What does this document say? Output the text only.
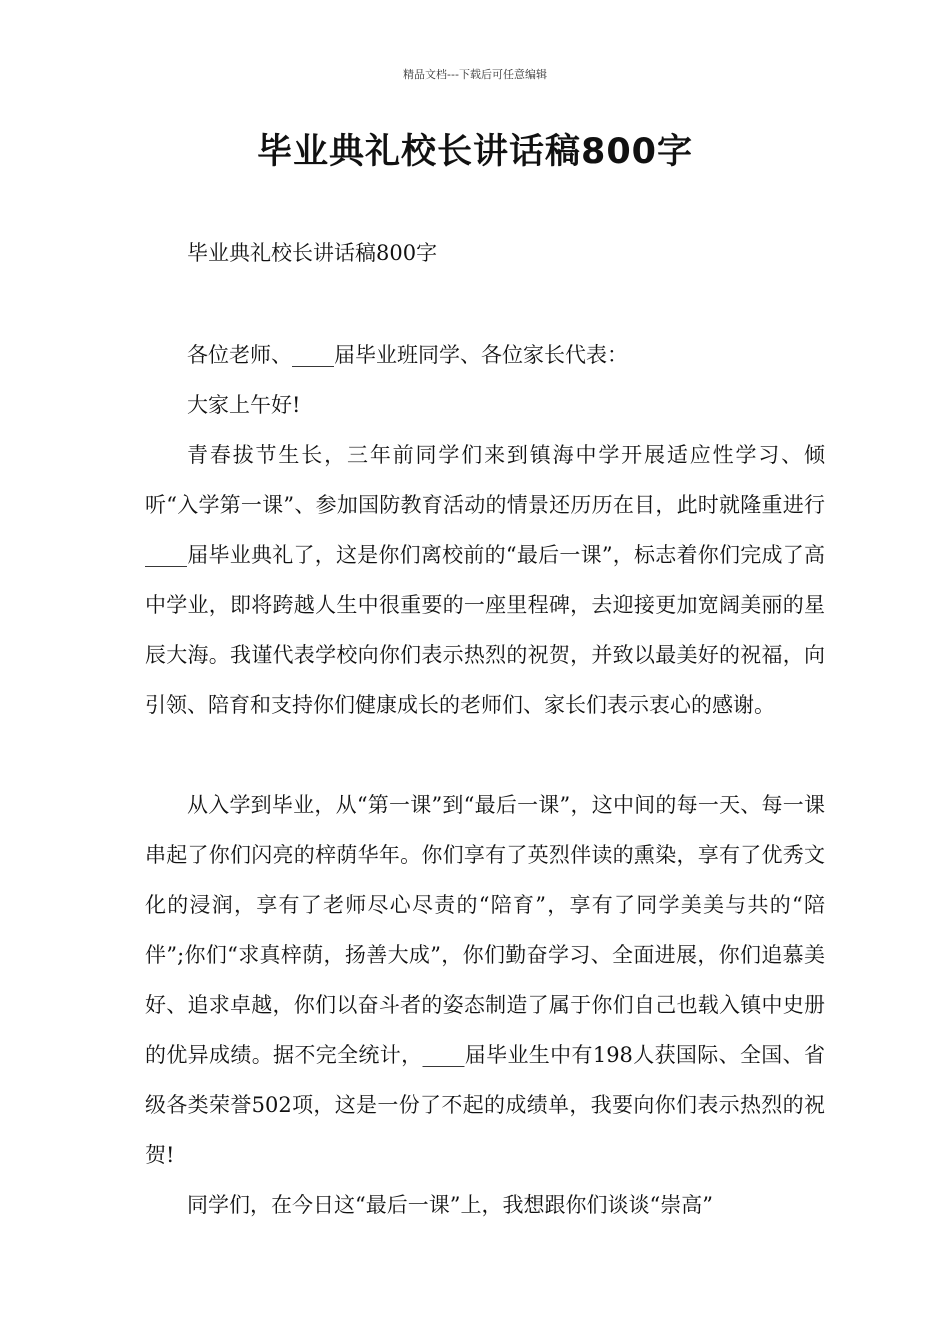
精品文档---下载后可任意编辑
毕业典礼校长讲话稿800字

毕业典礼校长讲话稿800字

各位老师、____届毕业班同学、各位家长代表：

大家上午好!

青春拔节生长，三年前同学们来到镇海中学开展适应性学习、倾听“入学第一课”、参加国防教育活动的情景还历历在目，此时就隆重进行____届毕业典礼了，这是你们离校前的“最后一课”，标志着你们完成了高中学业，即将跨越人生中很重要的一座里程碑，去迎接更加宽阔美丽的星辰大海。我谨代表学校向你们表示热烈的祝贺，并致以最美好的祝福，向引领、陪育和支持你们健康成长的老师们、家长们表示衷心的感谢。

从入学到毕业，从“第一课”到“最后一课”，这中间的每一天、每一课串起了你们闪亮的梓荫华年。你们享有了英烈伴读的熏染，享有了优秀文化的浸润，享有了老师尽心尽责的“陪育”，享有了同学美美与共的“陪伴”;你们“求真梓荫，扬善大成”，你们勤奋学习、全面进展，你们追慕美好、追求卓越，你们以奋斗者的姿态制造了属于你们自己也载入镇中史册的优异成绩。据不完全统计，____届毕业生中有198人获国际、全国、省级各类荣誉502项，这是一份了不起的成绩单，我要向你们表示热烈的祝贺!

同学们，在今日这“最后一课”上，我想跟你们谈谈“崇高”
